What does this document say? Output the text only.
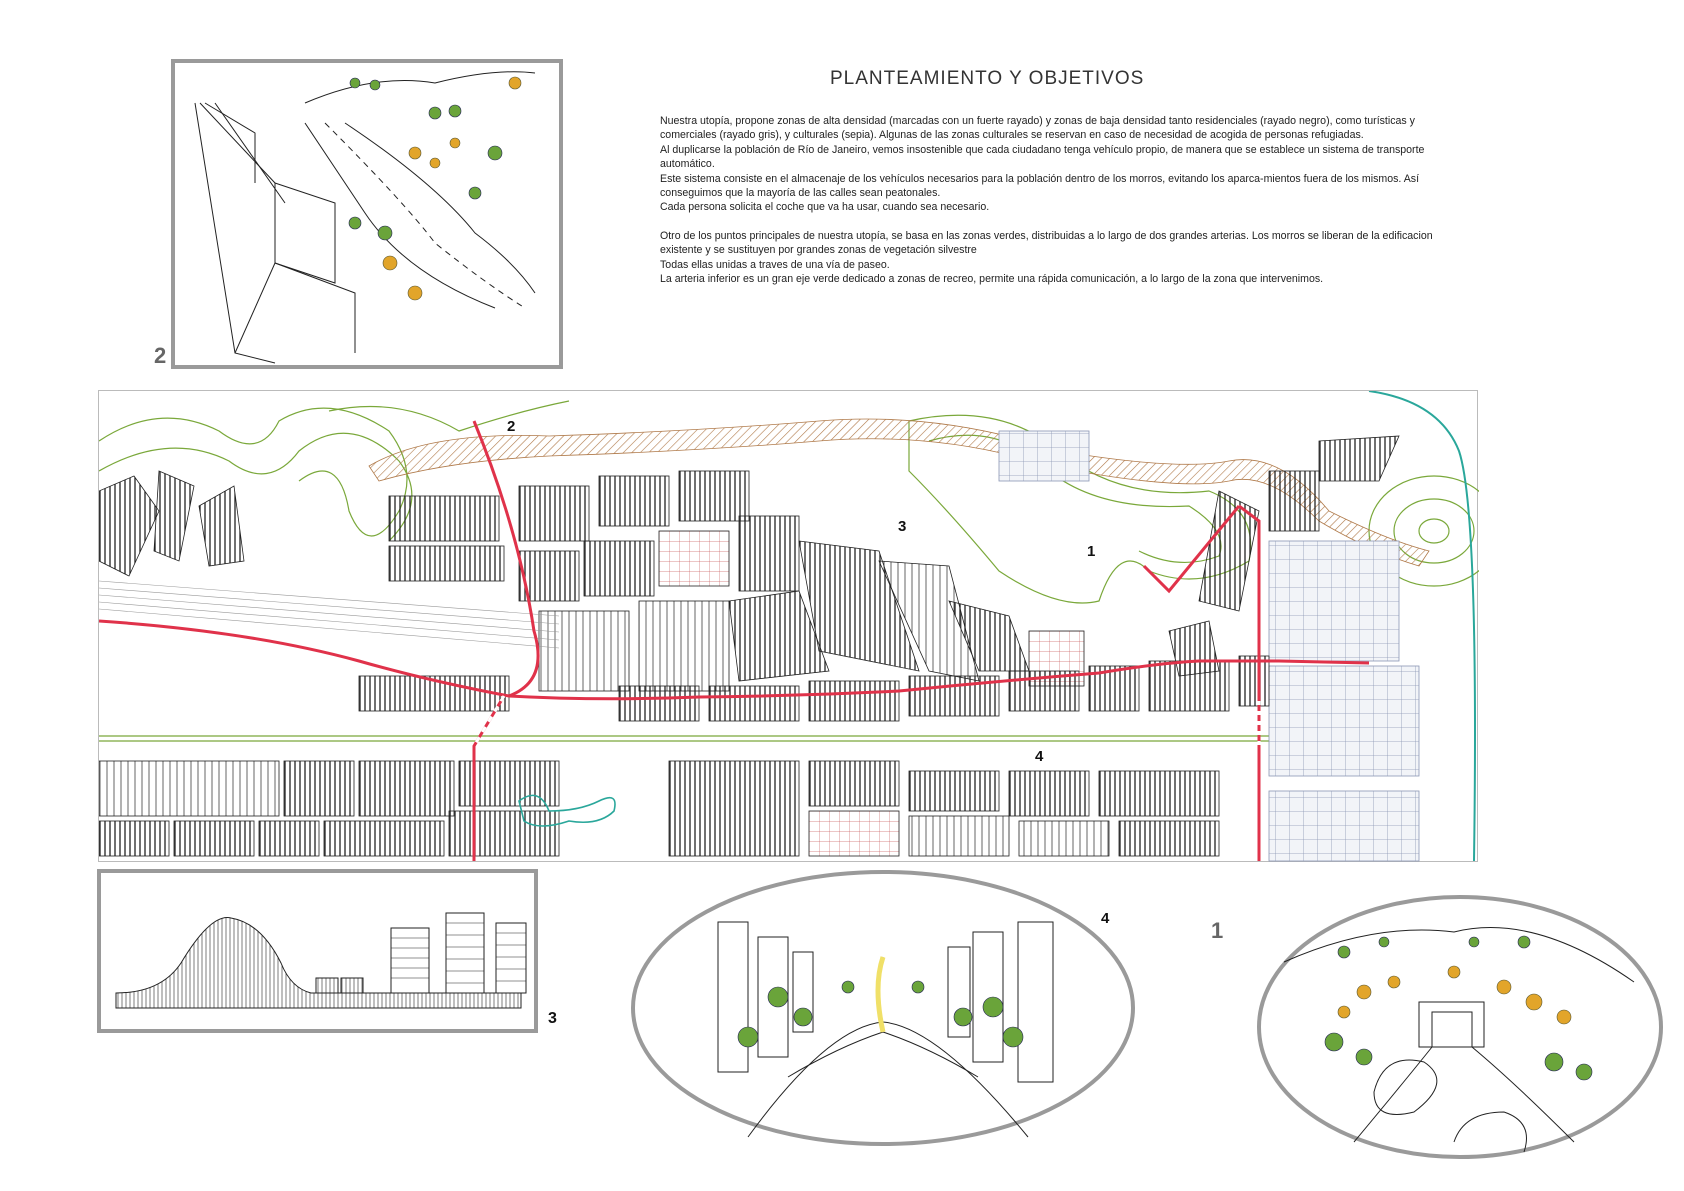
2
PLANTEAMIENTO Y OBJETIVOS

Nuestra utopía, propone zonas de alta densidad (marcadas con un fuerte rayado) y zonas de baja densidad tanto residenciales (rayado negro), como turísticas y comerciales (rayado gris), y culturales (sepia). Algunas de las zonas culturales se reservan en caso de necesidad de acogida de personas refugiadas.

Al duplicarse la población de Río de Janeiro, vemos insostenible que cada ciudadano tenga vehículo propio, de manera que se establece un sistema de transporte automático.

Este sistema consiste en el almacenaje de los vehículos necesarios para la población dentro de los morros, evitando los aparca-mientos fuera de los mismos. Así conseguimos que la mayoría de las calles sean peatonales.

Cada persona solicita el coche que va ha usar, cuando sea necesario.

Otro de los puntos principales de nuestra utopía, se basa en las zonas verdes, distribuidas a lo largo de dos grandes arterias. Los morros se liberan de la edificacion existente y se sustituyen por grandes zonas de vegetación silvestre

Todas ellas unidas a traves de una vía de paseo.

La arteria inferior es un gran eje verde dedicado a zonas de recreo, permite una rápida comunicación, a lo largo de la zona que intervenimos.

2
3
1
4
3
4	1
